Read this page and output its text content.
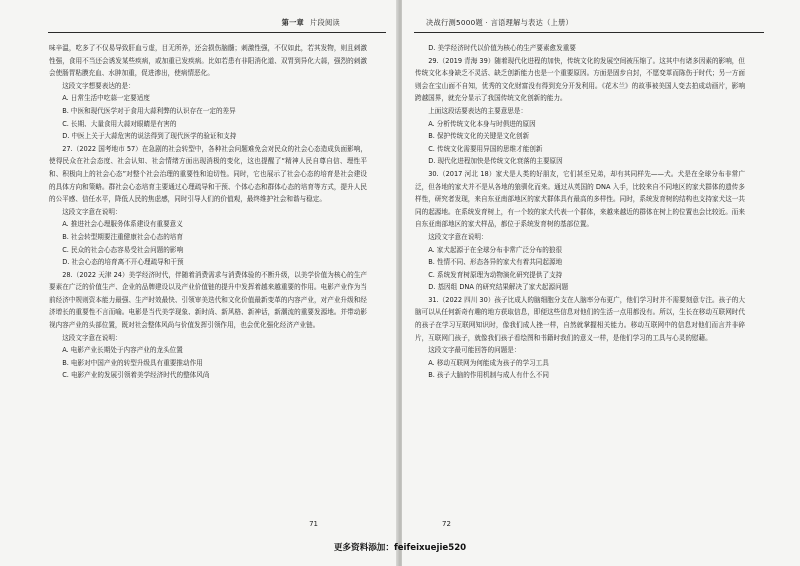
第一章 片段阅读

味辛温，吃多了不仅易导致肝血亏虚，目无所养，还会损伤脑髓；刺激性强，不仅如此，若其发物，则且刺激性强，食用不当还会诱发某些疾病，或加重已发疾病。比如若患有非阳消化道、双胃到异化大蒜，强烈的刺激会使肠胃粘膜充血、水肿加重，促进渗出，使病情恶化。

这段文字想要表达的是：

A. 日常生活中吃蒜一定要适度

B. 中医和现代医学对于食用大蒜利弊的认识存在一定的差异

C. 长期、大量食用大蒜对眼睛是有害的

D. 中医上关于大蒜危害的说法得到了现代医学的验证和支持

27.（2022 国考地市 57）在急剧的社会转型中，各种社会问题难免会对民众的社会心态造成负面影响，使得民众在社会态度、社会认知、社会情绪方面出现消极的变化，这也提醒了“精神人民自尊自信、理性平和、积极向上的社会心态”对整个社会治理的重要性和迫切性。同时，它也展示了社会心态的培育是社会建设的具体方向和策略。群社会心态培育主要通过心理疏导和干预、个体心态和群体心态的培育等方式，提升人民的公平感、信任水平，降低人民的焦虑感，同时引导人们的价值观，最终维护社会和谐与稳定。

这段文字意在说明：

A. 推进社会心理服务体系建设有重要意义

B. 社会转型期要注重健康社会心态的培育

C. 民众的社会心态容易受社会问题的影响

D. 社会心态的培育离不开心理疏导和干预

28.（2022 天津 24）美学经济时代，伴随着消费需求与消费体验的不断升级，以美学价值为核心的生产要素在广泛的价值生产、企业的品牌建设以及产业价值链的提升中发挥着越来越重要的作用。电影产业作为当前经济中规则资本能力最强、生产时效最快、引领审美迭代和文化价值最新变革的内容产业，对产业升级和经济增长的重要性不言而喻。电影是当代美学现象、新时尚、新风格、新神话，新潮流的重要发源地。并带动影视内容产业的头部位置，既对社会整体风尚与价值发挥引领作用，也会优化强化经济产业链。

这段文字意在说明：

A. 电影产业长期处于内容产业的龙头位置

B. 电影对中国产业的转型升级具有重要推动作用

C. 电影产业的发展引领着美学经济时代的整体风尚

71
决战行测5000题 · 言语理解与表达（上册）

D. 美学经济时代以价值为核心的生产要素愈发重要

29.（2019 青海 39）随着现代化进程的加快，传统文化的发展空间被压缩了。这其中有诸多因素的影响，但传统文化本身缺乏不灵活、缺乏创新能力也是一个重要原因。方面是固步自封，不愿变革而陈伤于时代；另一方面则会在宝山面不自知，优秀的文化财富没有得到充分开发利用。《花木兰》的故事被美国人变去拍成动画片，影响跨越国界，就充分显示了我国传统文化创新的能力。

上面这段话要表达的主要意思是：

A. 分析传统文化本身与时俱进的原因

B. 保护传统文化的关键是文化创新

C. 传统文化需要用异国的思维才能创新

D. 现代化进程加快是传统文化衰落的主要原因

30.（2017 河北 18）家犬是人类的好朋友，它们甚至兄弟，却有其同样先——犬。犬是在全球分布非常广泛，但各地的家犬并不是从各地的狼驯化而来。通过从英国的 DNA 入手，比较来自不同地区的家犬群体的遗传多样性，研究者发现，来自东亚南部地区的家犬群体具有最高的多样性。同时，系统发育树的结构也支持家犬这一共同的起源地。在系统发育树上，有一个较的家犬代表一个群体，来越来越近的群体在树上的位置也会比较近。而来自东亚南部地区的家犬样品，都位于系统发育树的基部位置。

这段文字意在说明：

A. 家犬起源于在全球分布非常广泛分布的狼很

B. 性情不同、形态各异的家犬有着共同起源地

C. 系统发育树原理为动物演化研究提供了支持

D. 基因组 DNA 的研究结果解决了家犬起源问题

31.（2022 四川 30）孩子比成人的脑细胞分支在人脑率分布更广，他们学习时并不需要刻意专注。孩子的大脑可以从任何新奇有趣的地方获取信息，即便这些信息对他们的生活一点用都没有。所以，生长在移动互联网时代的孩子在学习互联网知识时，像我们成人挫一样，自然就掌握相关能力。移动互联网中的信息对他们而言并非碎片，互联网门孩子，就像我们孩子看绘图和书籍时我们的意义一样，是他们学习的工具与心灵的慰藉。

这段文字最可能回答的问题是：

A. 移动互联网为何能成为孩子的学习工具

B. 孩子大脑的作用机制与成人有什么不同

72
更多资料添加：feifeixuejie520
